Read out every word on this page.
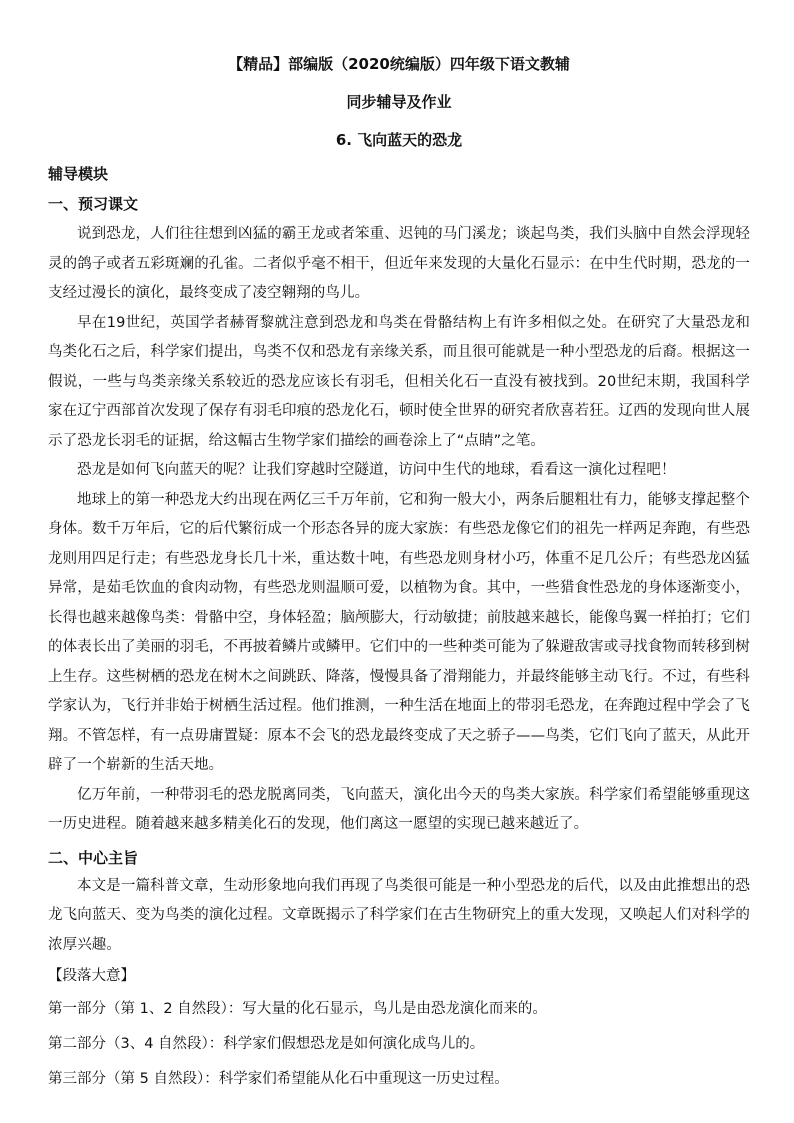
【精品】部编版（2020统编版）四年级下语文教辅

同步辅导及作业

6. 飞向蓝天的恐龙

辅导模块

一、预习课文

说到恐龙，人们往往想到凶猛的霸王龙或者笨重、迟钝的马门溪龙；谈起鸟类，我们头脑中自然会浮现轻灵的鸽子或者五彩斑斓的孔雀。二者似乎毫不相干，但近年来发现的大量化石显示：在中生代时期，恐龙的一支经过漫长的演化，最终变成了凌空翱翔的鸟儿。

早在19世纪，英国学者赫胥黎就注意到恐龙和鸟类在骨骼结构上有许多相似之处。在研究了大量恐龙和鸟类化石之后，科学家们提出，鸟类不仅和恐龙有亲缘关系，而且很可能就是一种小型恐龙的后裔。根据这一假说，一些与鸟类亲缘关系较近的恐龙应该长有羽毛，但相关化石一直没有被找到。20世纪末期，我国科学家在辽宁西部首次发现了保存有羽毛印痕的恐龙化石，顿时使全世界的研究者欣喜若狂。辽西的发现向世人展示了恐龙长羽毛的证据，给这幅古生物学家们描绘的画卷涂上了“点睛”之笔。

恐龙是如何飞向蓝天的呢？让我们穿越时空隧道，访问中生代的地球，看看这一演化过程吧！

地球上的第一种恐龙大约出现在两亿三千万年前，它和狗一般大小，两条后腿粗壮有力，能够支撑起整个身体。数千万年后，它的后代繁衍成一个形态各异的庞大家族：有些恐龙像它们的祖先一样两足奔跑，有些恐龙则用四足行走；有些恐龙身长几十米，重达数十吨，有些恐龙则身材小巧，体重不足几公斤；有些恐龙凶猛异常，是茹毛饮血的食肉动物，有些恐龙则温顺可爱，以植物为食。其中，一些猎食性恐龙的身体逐渐变小，长得也越来越像鸟类：骨骼中空，身体轻盈；脑颅膨大，行动敏捷；前肢越来越长，能像鸟翼一样拍打；它们的体表长出了美丽的羽毛，不再披着鳞片或鳞甲。它们中的一些种类可能为了躲避敌害或寻找食物而转移到树上生存。这些树栖的恐龙在树木之间跳跃、降落，慢慢具备了滑翔能力，并最终能够主动飞行。不过，有些科学家认为，飞行并非始于树栖生活过程。他们推测，一种生活在地面上的带羽毛恐龙，在奔跑过程中学会了飞翔。不管怎样，有一点毋庸置疑：原本不会飞的恐龙最终变成了天之骄子——鸟类，它们飞向了蓝天，从此开辟了一个崭新的生活天地。

亿万年前，一种带羽毛的恐龙脱离同类，飞向蓝天，演化出今天的鸟类大家族。科学家们希望能够重现这一历史进程。随着越来越多精美化石的发现，他们离这一愿望的实现已越来越近了。

二、中心主旨

本文是一篇科普文章，生动形象地向我们再现了鸟类很可能是一种小型恐龙的后代，以及由此推想出的恐龙飞向蓝天、变为鸟类的演化过程。文章既揭示了科学家们在古生物研究上的重大发现，又唤起人们对科学的浓厚兴趣。

【段落大意】

第一部分（第 1、2 自然段）：写大量的化石显示，鸟儿是由恐龙演化而来的。

第二部分（3、4 自然段）：科学家们假想恐龙是如何演化成鸟儿的。

第三部分（第 5 自然段）：科学家们希望能从化石中重现这一历史过程。
